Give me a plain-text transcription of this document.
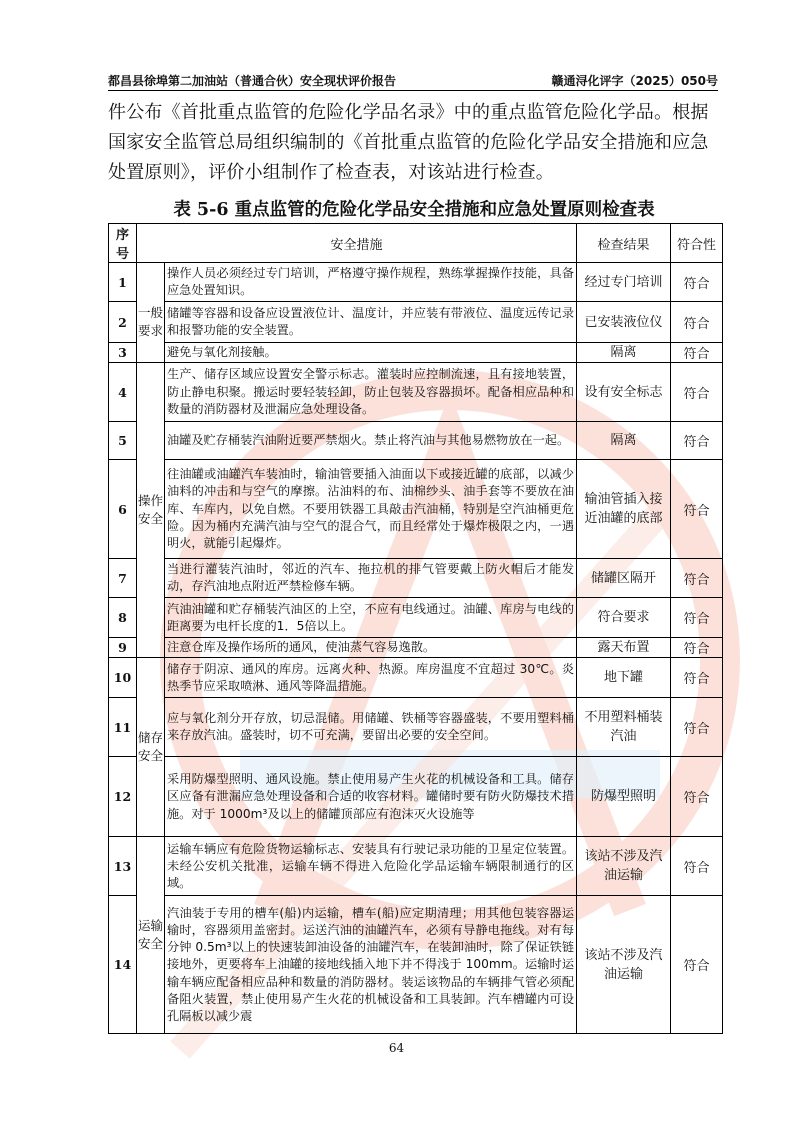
都昌县徐埠第二加油站（普通合伙）安全现状评价报告	赣通浔化评字（2025）050号
件公布《首批重点监管的危险化学品名录》中的重点监管危险化学品。根据国家安全监管总局组织编制的《首批重点监管的危险化学品安全措施和应急处置原则》，评价小组制作了检查表，对该站进行检查。
表 5-6 重点监管的危险化学品安全措施和应急处置原则检查表
序号	安全措施		检查结果	符合性
1	一般要求	操作人员必须经过专门培训，严格遵守操作规程，熟练掌握操作技能，具备应急处置知识。	经过专门培训	符合
2		储罐等容器和设备应设置液位计、温度计，并应装有带液位、温度远传记录和报警功能的安全装置。	已安装液位仪	符合
3		避免与氧化剂接触。	隔离	符合
4	操作安全	生产、储存区域应设置安全警示标志。灌装时应控制流速，且有接地装置，防止静电积聚。搬运时要轻装轻卸，防止包装及容器损坏。配备相应品种和数量的消防器材及泄漏应急处理设备。	设有安全标志	符合
5		油罐及贮存桶装汽油附近要严禁烟火。禁止将汽油与其他易燃物放在一起。	隔离	符合
6		往油罐或油罐汽车装油时，输油管要插入油面以下或接近罐的底部，以减少油料的冲击和与空气的摩擦。沾油料的布、油棉纱头、油手套等不要放在油库、车库内，以免自燃。不要用铁器工具敲击汽油桶，特别是空汽油桶更危险。因为桶内充满汽油与空气的混合气，而且经常处于爆炸极限之内，一遇明火，就能引起爆炸。	输油管插入接近油罐的底部	符合
7		当进行灌装汽油时，邻近的汽车、拖拉机的排气管要戴上防火帽后才能发动，存汽油地点附近严禁检修车辆。	储罐区隔开	符合
8		汽油油罐和贮存桶装汽油区的上空，不应有电线通过。油罐、库房与电线的距离要为电杆长度的1．5倍以上。	符合要求	符合
9		注意仓库及操作场所的通风，使油蒸气容易逸散。	露天布置	符合
10	储存安全	储存于阴凉、通风的库房。远离火种、热源。库房温度不宜超过 30℃。炎热季节应采取喷淋、通风等降温措施。	地下罐	符合
11		应与氧化剂分开存放，切忌混储。用储罐、铁桶等容器盛装，不要用塑料桶来存放汽油。盛装时，切不可充满，要留出必要的安全空间。	不用塑料桶装汽油	符合
12		采用防爆型照明、通风设施。禁止使用易产生火花的机械设备和工具。储存区应备有泄漏应急处理设备和合适的收容材料。罐储时要有防火防爆技术措施。对于 1000m³及以上的储罐顶部应有泡沫灭火设施等	防爆型照明	符合
13	运输安全	运输车辆应有危险货物运输标志、安装具有行驶记录功能的卫星定位装置。未经公安机关批准，运输车辆不得进入危险化学品运输车辆限制通行的区域。	该站不涉及汽油运输	符合
14		汽油装于专用的槽车(船)内运输，槽车(船)应定期清理；用其他包装容器运输时，容器须用盖密封。运送汽油的油罐汽车，必须有导静电拖线。对有每分钟 0.5m³以上的快速装卸油设备的油罐汽车，在装卸油时，除了保证铁链接地外，更要将车上油罐的接地线插入地下并不得浅于 100mm。运输时运输车辆应配备相应品种和数量的消防器材。装运该物品的车辆排气管必须配备阻火装置，禁止使用易产生火花的机械设备和工具装卸。汽车槽罐内可设孔隔板以减少震	该站不涉及汽油运输	符合
64
